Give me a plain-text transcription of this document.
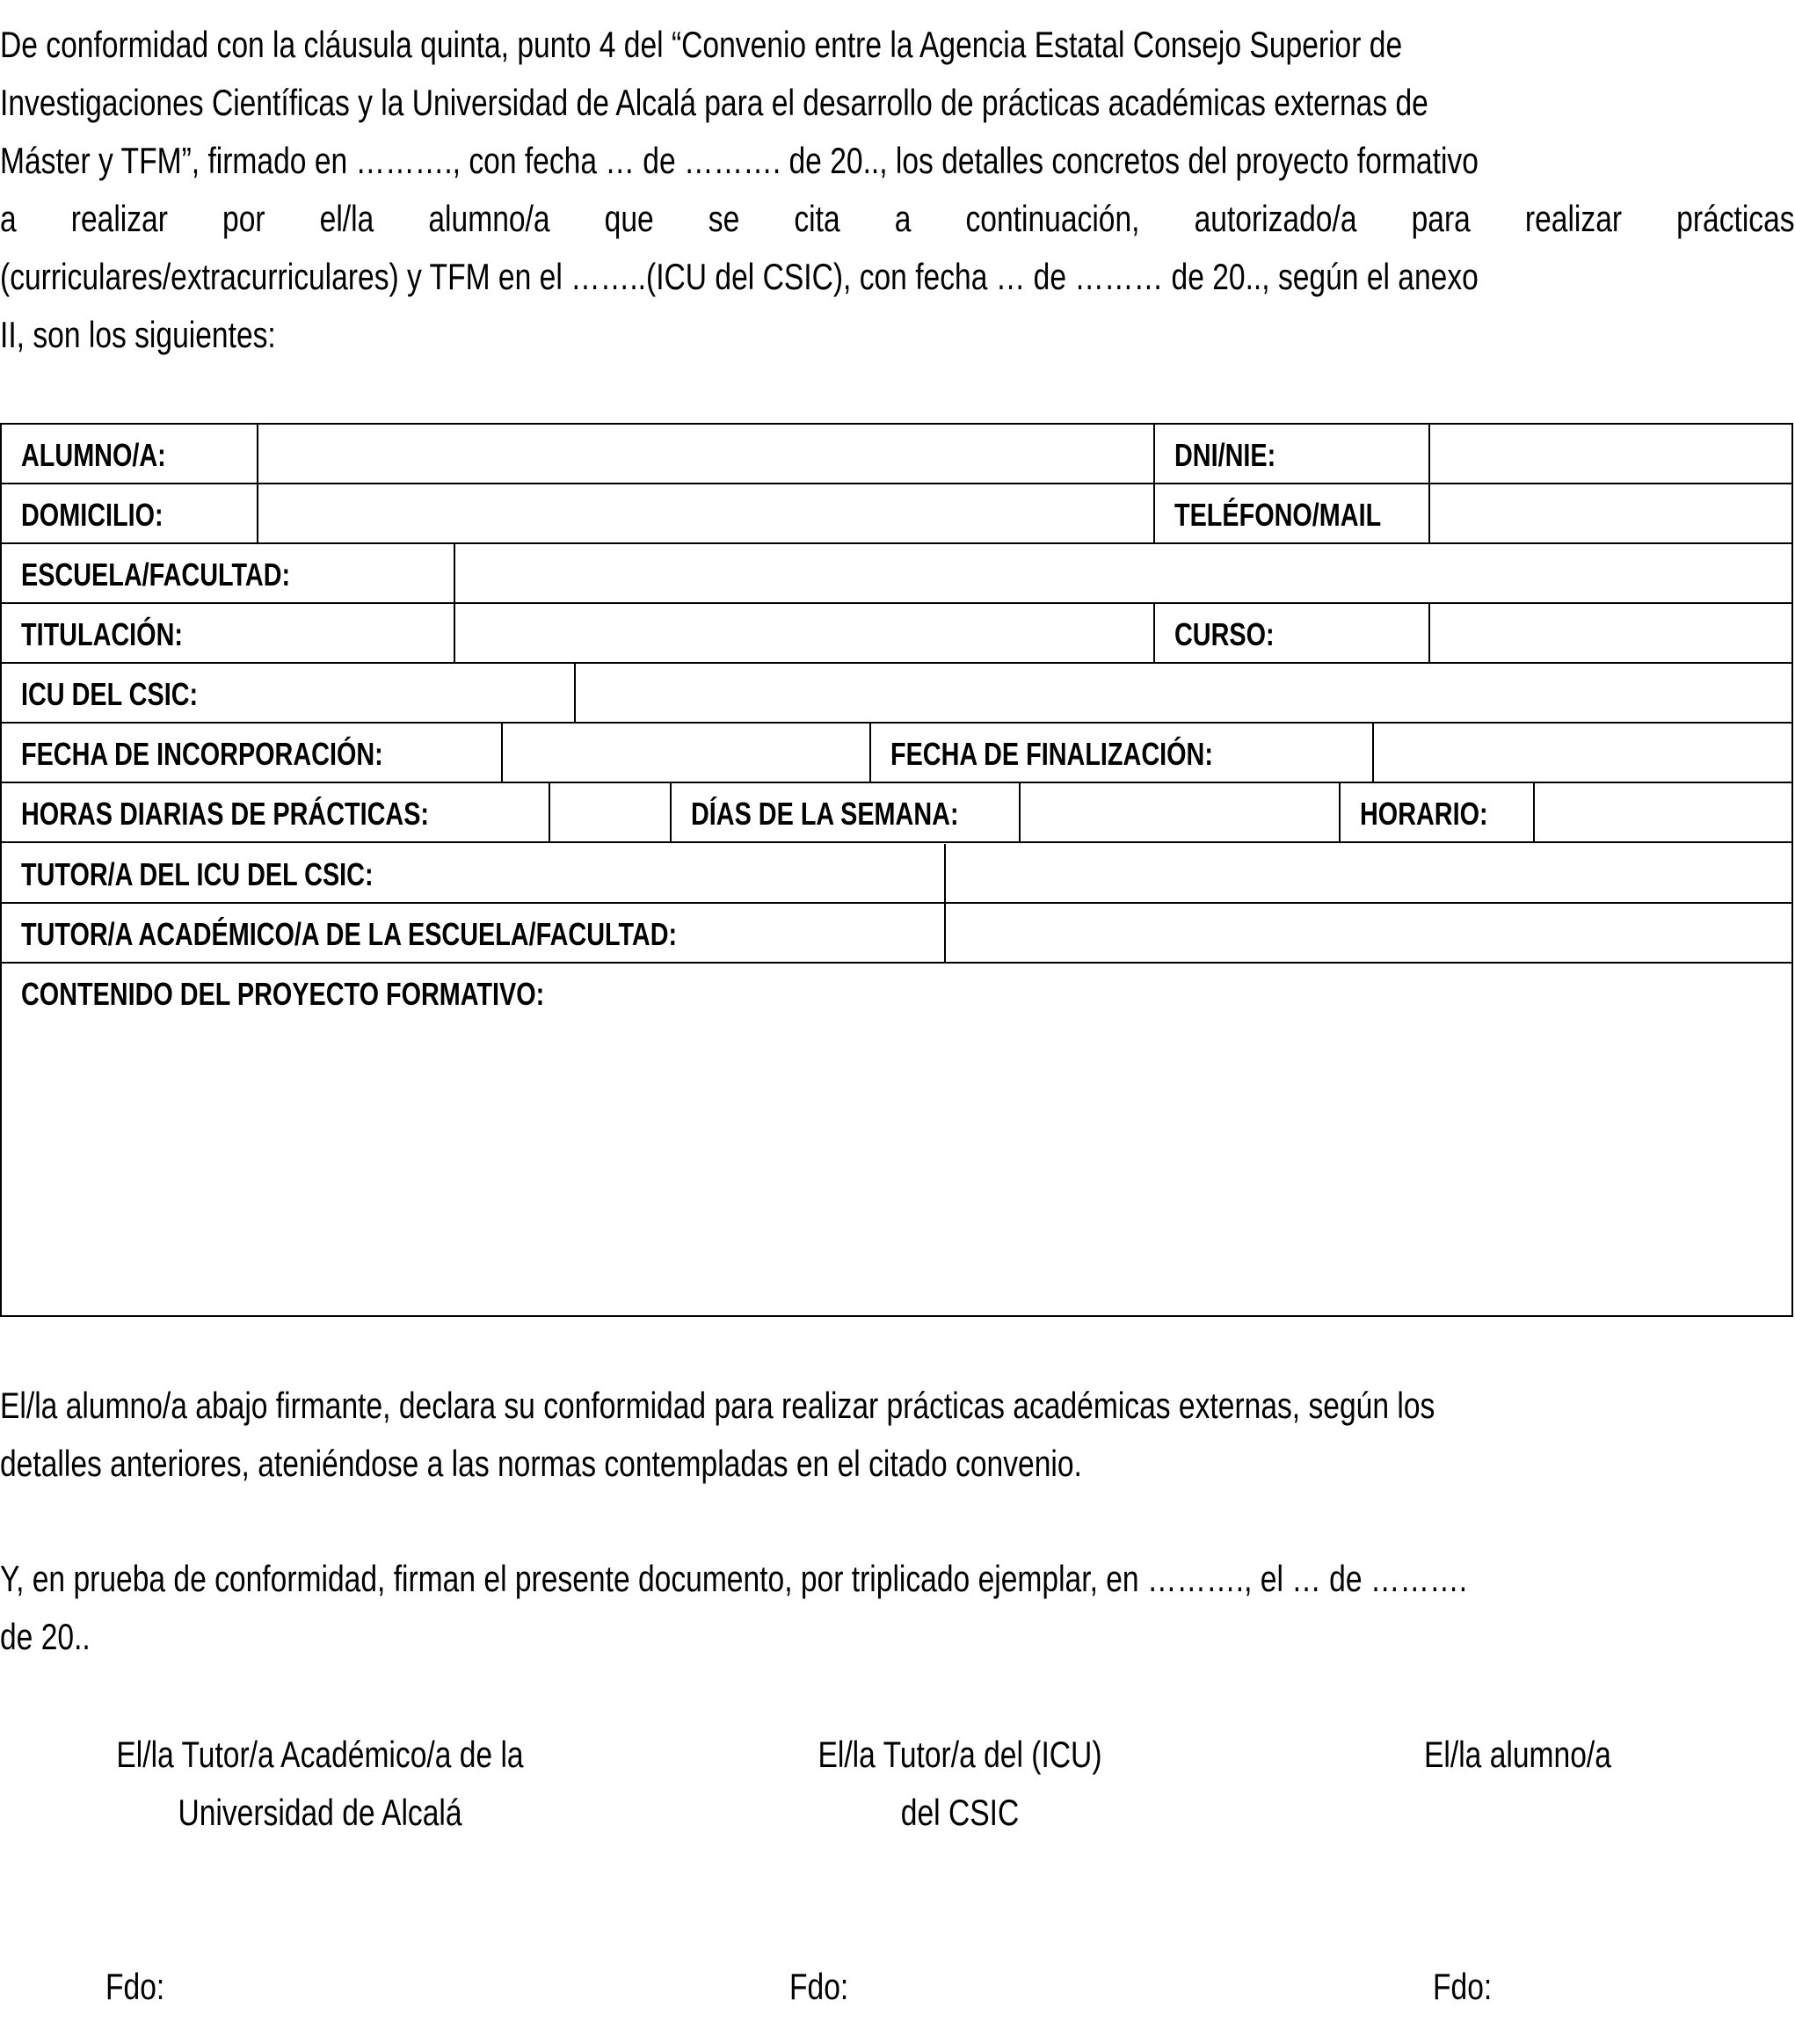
De conformidad con la cláusula quinta, punto 4 del “Convenio entre la Agencia Estatal Consejo Superior de
Investigaciones Científicas y la Universidad de Alcalá para el desarrollo de prácticas académicas externas de
Máster y TFM”, firmado en ………., con fecha … de ………. de 20.., los detalles concretos del proyecto formativo
a realizar por el/la alumno/a que se cita a continuación, autorizado/a para realizar prácticas
(curriculares/extracurriculares) y TFM en el ……..(ICU del CSIC), con fecha … de ……… de 20.., según el anexo
II, son los siguientes:
ALUMNO/A:	DNI/NIE:
DOMICILIO:	TELÉFONO/MAIL
ESCUELA/FACULTAD:
TITULACIÓN:	CURSO:
ICU DEL CSIC:
FECHA DE INCORPORACIÓN:	FECHA DE FINALIZACIÓN:
HORAS DIARIAS DE PRÁCTICAS:	DÍAS DE LA SEMANA:	HORARIO:
TUTOR/A DEL ICU DEL CSIC:
TUTOR/A ACADÉMICO/A DE LA ESCUELA/FACULTAD:
CONTENIDO DEL PROYECTO FORMATIVO:
El/la alumno/a abajo firmante, declara su conformidad para realizar prácticas académicas externas, según los
detalles anteriores, ateniéndose a las normas contempladas en el citado convenio.
Y, en prueba de conformidad, firman el presente documento, por triplicado ejemplar, en ………., el … de ……….
de 20..
El/la Tutor/a Académico/a de la
Universidad de Alcalá
El/la Tutor/a del (ICU)
del CSIC
El/la alumno/a
Fdo:	Fdo:	Fdo:
